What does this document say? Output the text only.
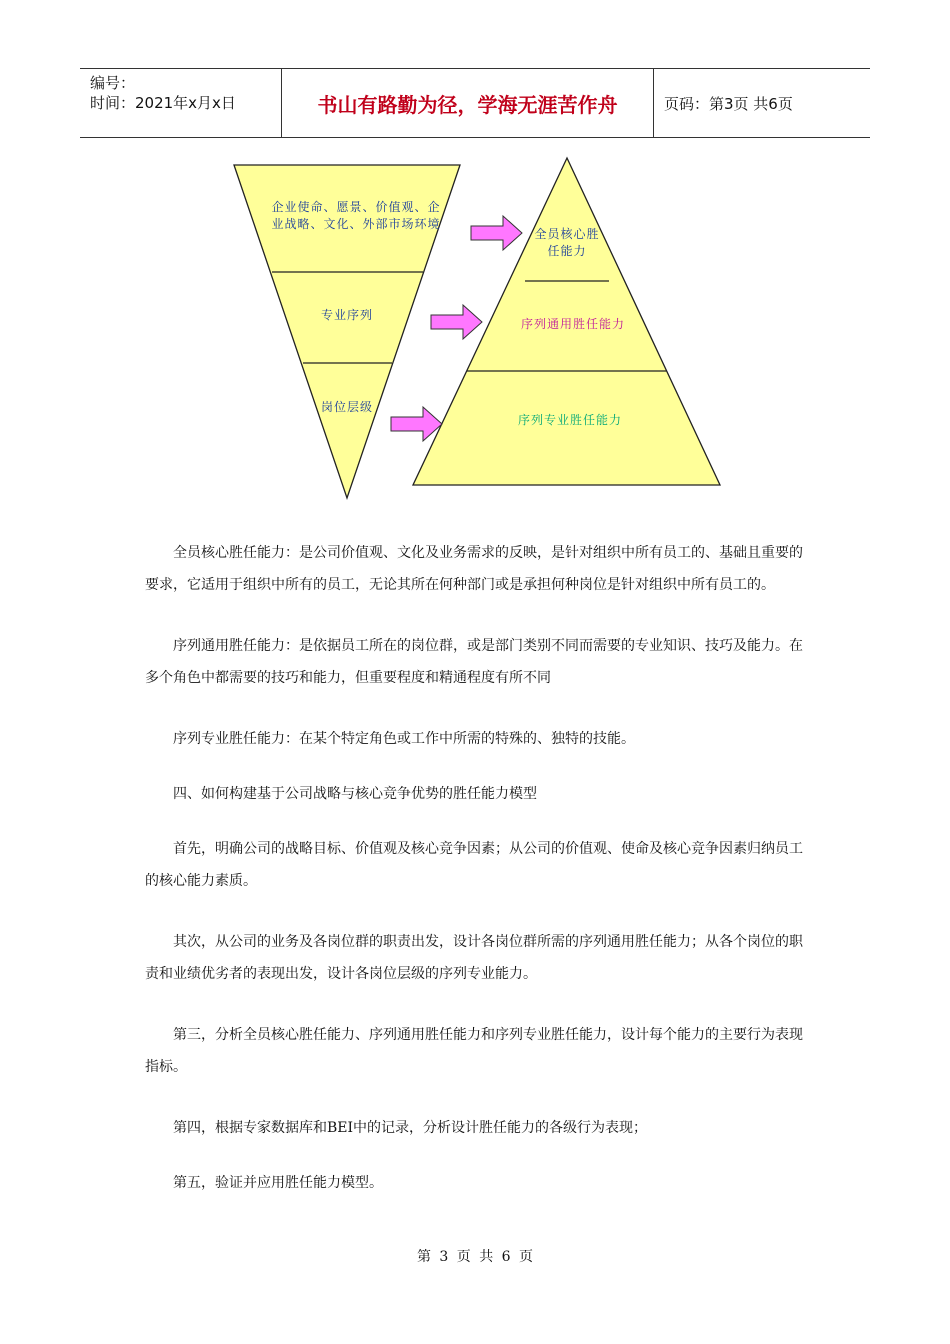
编号：
时间：2021年x月x日	书山有路勤为径，学海无涯苦作舟	页码：第3页 共6页
企业使命、愿景、价值观、企业战略、文化、外部市场环境
专业序列
岗位层级
全员核心胜任能力
序列通用胜任能力
序列专业胜任能力
全员核心胜任能力：是公司价值观、文化及业务需求的反映，是针对组织中所有员工的、基础且重要的要求，它适用于组织中所有的员工，无论其所在何种部门或是承担何种岗位是针对组织中所有员工的。
序列通用胜任能力：是依据员工所在的岗位群，或是部门类别不同而需要的专业知识、技巧及能力。在多个角色中都需要的技巧和能力，但重要程度和精通程度有所不同
序列专业胜任能力：在某个特定角色或工作中所需的特殊的、独特的技能。
四、如何构建基于公司战略与核心竞争优势的胜任能力模型
首先，明确公司的战略目标、价值观及核心竞争因素；从公司的价值观、使命及核心竞争因素归纳员工的核心能力素质。
其次，从公司的业务及各岗位群的职责出发，设计各岗位群所需的序列通用胜任能力；从各个岗位的职责和业绩优劣者的表现出发，设计各岗位层级的序列专业能力。
第三，分析全员核心胜任能力、序列通用胜任能力和序列专业胜任能力，设计每个能力的主要行为表现指标。
第四，根据专家数据库和BEI中的记录，分析设计胜任能力的各级行为表现；
第五，验证并应用胜任能力模型。
第 3 页 共 6 页
